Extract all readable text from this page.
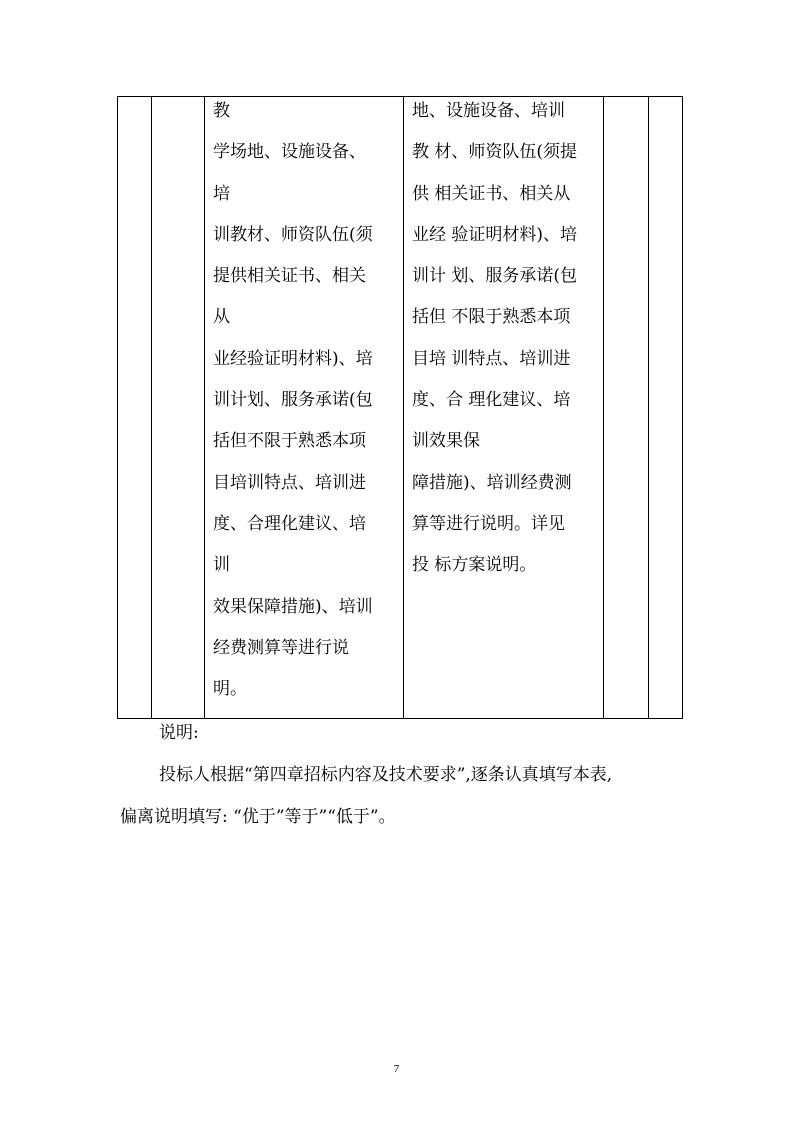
教
学场地、设施设备、
培
训教材、师资队伍(须
提供相关证书、相关
从
业经验证明材料)、培
训计划、服务承诺(包
括但不限于熟悉本项
目培训特点、培训进
度、合理化建议、培
训
效果保障措施)、培训
经费测算等进行说
明。

地、设施设备、培训
教 材、师资队伍(须提
供 相关证书、相关从
业经 验证明材料)、培
训计 划、服务承诺(包
括但 不限于熟悉本项
目培 训特点、培训进
度、合 理化建议、培
训效果保
障措施)、培训经费测
算等进行说明。详见
投 标方案说明。

说明:
投标人根据“第四章招标内容及技术要求”,逐条认真填写本表,
偏离说明填写: “优于”等于”“低于”。
7
